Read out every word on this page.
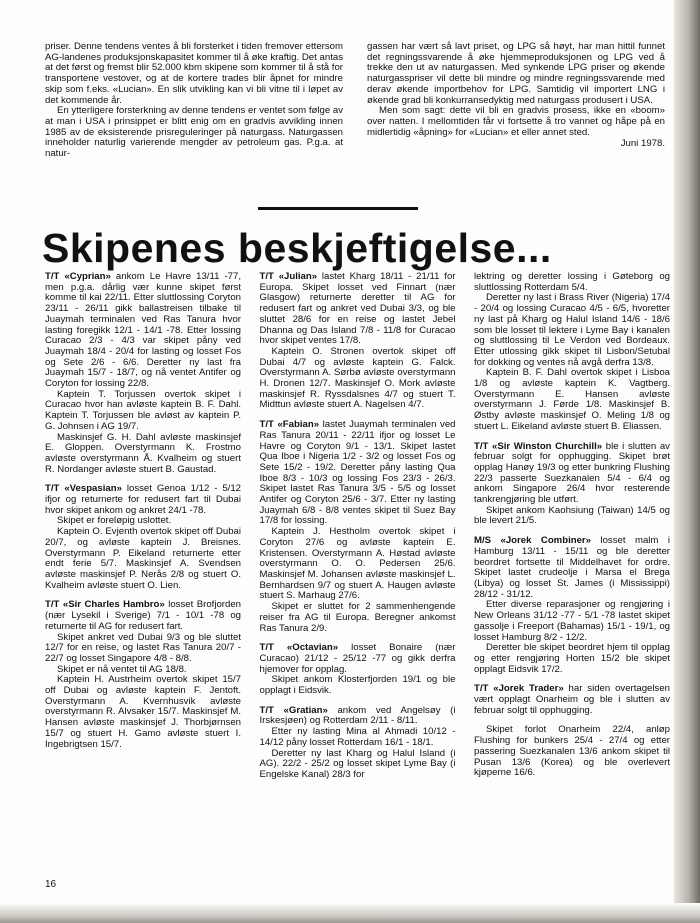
priser. Denne tendens ventes å bli forsterket i tiden fremover ettersom AG-landenes produksjonskapasitet kommer til å øke kraftig. Det antas at det først og fremst blir 52.000 kbm skipene som kommer til å stå for transportene vestover, og at de kortere trades blir åpnet for mindre skip som f.eks. «Lucian». En slik utvikling kan vi bli vitne til i løpet av det kommende år.

En ytterligere forsterkning av denne tendens er ventet som følge av at man i USA i prinsippet er blitt enig om en gradvis avvikling innen 1985 av de eksisterende prisreguleringer på naturgass. Naturgassen inneholder naturlig varierende mengder av petroleum gas. P.g.a. at natur-

gassen har vært så lavt priset, og LPG så høyt, har man hittil funnet det regningssvarende å øke hjemmeproduksjonen og LPG ved å trekke den ut av naturgassen. Med synkende LPG priser og økende naturgasspriser vil dette bli mindre og mindre regningssvarende med derav økende importbehov for LPG. Samtidig vil importert LNG i økende grad bli konkurransedyktig med naturgass produsert i USA.

Men som sagt: dette vil bli en gradvis prosess, ikke en «boom» over natten. I mellomtiden får vi fortsette å tro vannet og håpe på en midlertidig «åpning» for «Lucian» et eller annet sted.

Juni 1978.

Skipenes beskjeftigelse...

T/T «Cyprian» ankom Le Havre 13/11 -77, men p.g.a. dårlig vær kunne skipet først komme til kai 22/11. Etter sluttlossing Coryton 23/11 - 26/11 gikk ballastreisen tilbake til Juaymah terminalen ved Ras Tanura hvor lasting foregikk 12/1 - 14/1 -78. Etter lossing Curacao 2/3 - 4/3 var skipet påny ved Juaymah 18/4 - 20/4 for lasting og losset Fos og Sete 2/6 - 6/6. Deretter ny last fra Juaymah 15/7 - 18/7, og nå ventet Antifer og Coryton for lossing 22/8.

Kaptein T. Torjussen overtok skipet i Curacao hvor han avløste kaptein B. F. Dahl. Kaptein T. Torjussen ble avløst av kaptein P. G. Johnsen i AG 19/7.

Maskinsjef G. H. Dahl avløste maskinsjef E. Gloppen. Overstyrmann K. Frostmo avløste overstyrmann Å. Kvalheim og stuert R. Nordanger avløste stuert B. Gaustad.

T/T «Vespasian» losset Genoa 1/12 - 5/12 ifjor og returnerte for redusert fart til Dubai hvor skipet ankom og ankret 24/1 -78.

Skipet er foreløpig uslottet.

Kaptein O. Evjenth overtok skipet off Dubai 20/7, og avløste kaptein J. Breisnes. Overstyrmann P. Eikeland returnerte etter endt ferie 5/7. Maskinsjef A. Svendsen avløste maskinsjef P. Nerås 2/8 og stuert O. Kvalheim avløste stuert O. Lien.

T/T «Sir Charles Hambro» losset Brofjorden (nær Lysekil i Sverige) 7/1 - 10/1 -78 og returnerte til AG for redusert fart.

Skipet ankret ved Dubai 9/3 og ble sluttet 12/7 for en reise, og lastet Ras Tanura 20/7 - 22/7 og losset Singapore 4/8 - 8/8.

Skipet er nå ventet til AG 18/8.

Kaptein H. Austrheim overtok skipet 15/7 off Dubai og avløste kaptein F. Jentoft. Overstyrmann A. Kvernhusvik avløste overstyrmann R. Alvsaker 15/7. Maskinsjef M. Hansen avløste maskinsjef J. Thorbjørnsen 15/7 og stuert H. Gamo avløste stuert I. Ingebrigtsen 15/7.

T/T «Julian» lastet Kharg 18/11 - 21/11 for Europa. Skipet losset ved Finnart (nær Glasgow) returnerte deretter til AG for redusert fart og ankret ved Dubai 3/3, og ble sluttet 28/6 for en reise og lastet Jebel Dhanna og Das Island 7/8 - 11/8 for Curacao hvor skipet ventes 17/8.

Kaptein O. Stronen overtok skipet off Dubai 4/7 og avløste kaptein G. Falck. Overstyrmann A. Sørbø avløste overstyrmann H. Dronen 12/7. Maskinsjef O. Mork avløste maskinsjef R. Ryssdalsnes 4/7 og stuert T. Midttun avløste stuert A. Nagelsen 4/7.

T/T «Fabian» lastet Juaymah terminalen ved Ras Tanura 20/11 - 22/11 ifjor og losset Le Havre og Coryton 9/1 - 13/1. Skipet lastet Qua Iboe i Nigeria 1/2 - 3/2 og losset Fos og Sete 15/2 - 19/2. Deretter påny lasting Qua Iboe 8/3 - 10/3 og lossing Fos 23/3 - 26/3. Skipet lastet Ras Tanura 3/5 - 5/5 og losset Antifer og Coryton 25/6 - 3/7. Etter ny lasting Juaymah 6/8 - 8/8 ventes skipet til Suez Bay 17/8 for lossing.

Kaptein J. Hestholm overtok skipet i Coryton 27/6 og avløste kaptein E. Kristensen. Overstyrmann A. Høstad avløste overstyrmann O. O. Pedersen 25/6. Maskinsjef M. Johansen avløste maskinsjef L. Bernhardsen 9/7 og stuert A. Haugen avløste stuert S. Marhaug 27/6.

Skipet er sluttet for 2 sammenhengende reiser fra AG til Europa. Beregner ankomst Ras Tanura 2/9.

T/T «Octavian» losset Bonaire (nær Curacao) 21/12 - 25/12 -77 og gikk derfra hjemover for opplag.

Skipet ankom Klosterfjorden 19/1 og ble opplagt i Eidsvik.

T/T «Gratian» ankom ved Angelsøy (i Irskesjøen) og Rotterdam 2/11 - 8/11.

Etter ny lasting Mina al Ahmadi 10/12 - 14/12 påny losset Rotterdam 16/1 - 18/1.

Deretter ny last Kharg og Halul Island (i AG). 22/2 - 25/2 og losset skipet Lyme Bay (i Engelske Kanal) 28/3 for

lektring og deretter lossing i Gøteborg og sluttlossing Rotterdam 5/4.

Deretter ny last i Brass River (Nigeria) 17/4 - 20/4 og lossing Curacao 4/5 - 6/5, hvoretter ny last på Kharg og Halul Island 14/6 - 18/6 som ble losset til lektere i Lyme Bay i kanalen og sluttlossing til Le Verdon ved Bordeaux. Etter utlossing gikk skipet til Lisbon/Setubal for dokking og ventes nå avgå derfra 13/8.

Kaptein B. F. Dahl overtok skipet i Lisboa 1/8 og avløste kaptein K. Vagtberg. Overstyrmann E. Hansen avløste overstyrmann J. Førde 1/8. Maskinsjef B. Østby avløste maskinsjef O. Meling 1/8 og stuert L. Eikeland avløste stuert B. Eliassen.

T/T «Sir Winston Churchill» ble i slutten av februar solgt for opphugging. Skipet brøt opplag Hanøy 19/3 og etter bunkring Flushing 22/3 passerte Suezkanalen 5/4 - 6/4 og ankom Singapore 26/4 hvor resterende tankrengjøring ble utført.

Skipet ankom Kaohsiung (Taiwan) 14/5 og ble levert 21/5.

M/S «Jorek Combiner» losset malm i Hamburg 13/11 - 15/11 og ble deretter beordret fortsette til Middelhavet for ordre. Skipet lastet crudeolje i Marsa el Brega (Libya) og losset St. James (i Mississippi) 28/12 - 31/12.

Etter diverse reparasjoner og rengjøring i New Orleans 31/12 -77 - 5/1 -78 lastet skipet gassolje i Freeport (Bahamas) 15/1 - 19/1, og losset Hamburg 8/2 - 12/2.

Deretter ble skipet beordret hjem til opplag og etter rengjøring Horten 15/2 ble skipet opplagt Eidsvik 17/2.

T/T «Jorek Trader» har siden overtagelsen vært opplagt Onarheim og ble i slutten av februar solgt til opphugging.

Skipet forlot Onarheim 22/4, anløp Flushing for bunkers 25/4 - 27/4 og etter passering Suezkanalen 13/6 ankom skipet til Pusan 13/6 (Korea) og ble overlevert kjøperne 16/6.

16
